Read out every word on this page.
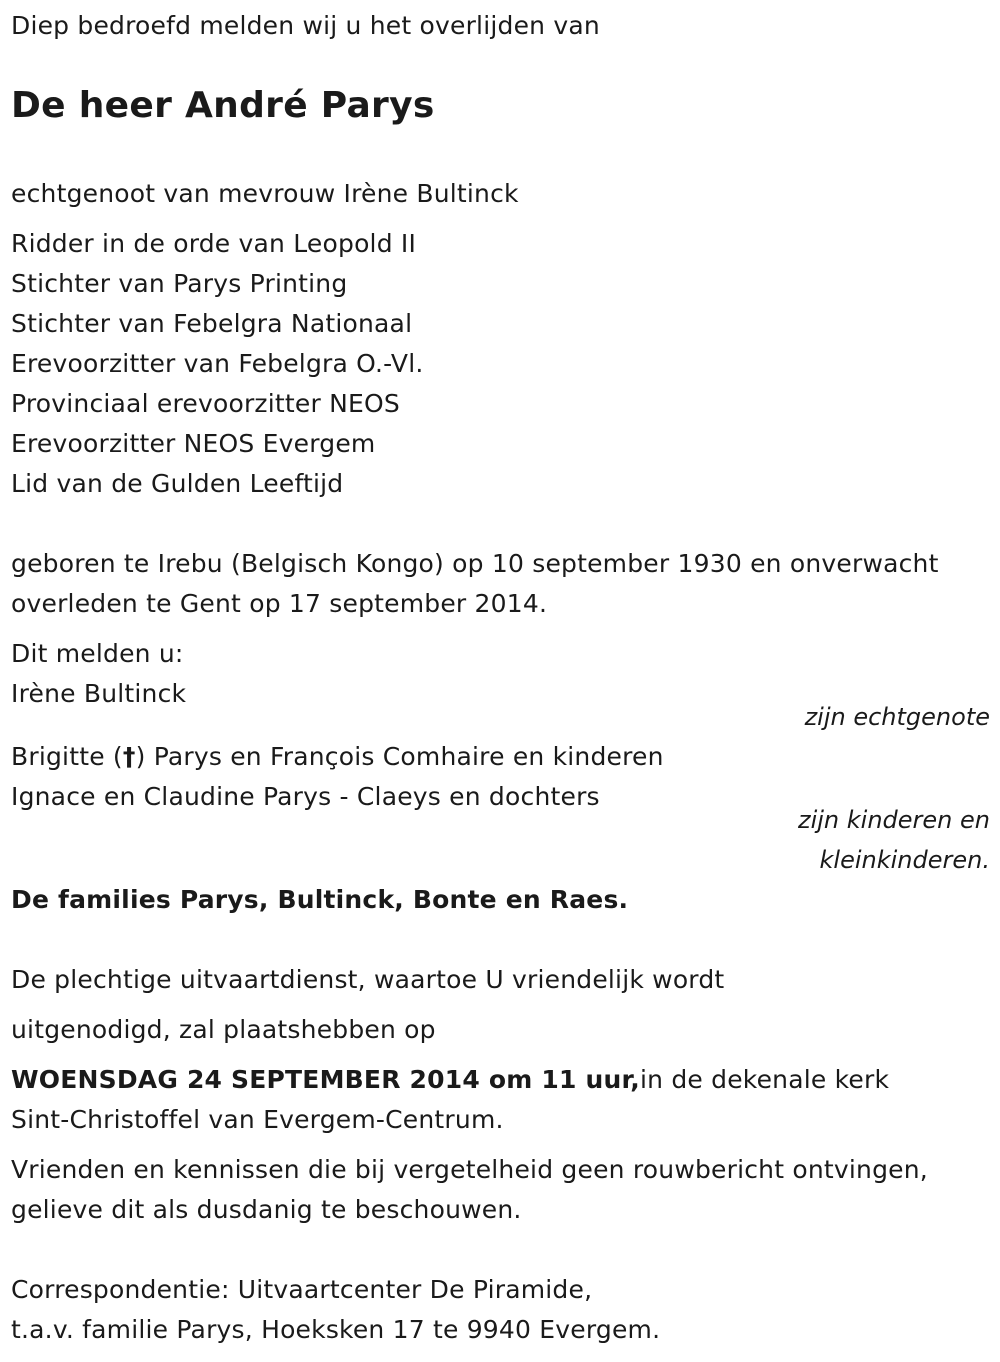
Diep bedroefd melden wij u het overlijden van
De heer André Parys
echtgenoot van mevrouw Irène Bultinck
Ridder in de orde van Leopold II
Stichter van Parys Printing
Stichter van Febelgra Nationaal
Erevoorzitter van Febelgra O.-Vl.
Provinciaal erevoorzitter NEOS
Erevoorzitter NEOS Evergem
Lid van de Gulden Leeftijd
geboren te Irebu (Belgisch Kongo) op 10 september 1930 en onverwacht
overleden te Gent op 17 september 2014.
Dit melden u:
Irène Bultinck
zijn echtgenote
Brigitte (†) Parys en François Comhaire en kinderen
Ignace en Claudine Parys - Claeys en dochters
zijn kinderen en
kleinkinderen.
De families Parys, Bultinck, Bonte en Raes.
De plechtige uitvaartdienst, waartoe U vriendelijk wordt
uitgenodigd, zal plaatshebben op
WOENSDAG 24 SEPTEMBER 2014 om 11 uur,in de dekenale kerk
Sint-Christoffel van Evergem-Centrum.
Vrienden en kennissen die bij vergetelheid geen rouwbericht ontvingen,
gelieve dit als dusdanig te beschouwen.
Correspondentie: Uitvaartcenter De Piramide,
t.a.v. familie Parys, Hoeksken 17 te 9940 Evergem.
